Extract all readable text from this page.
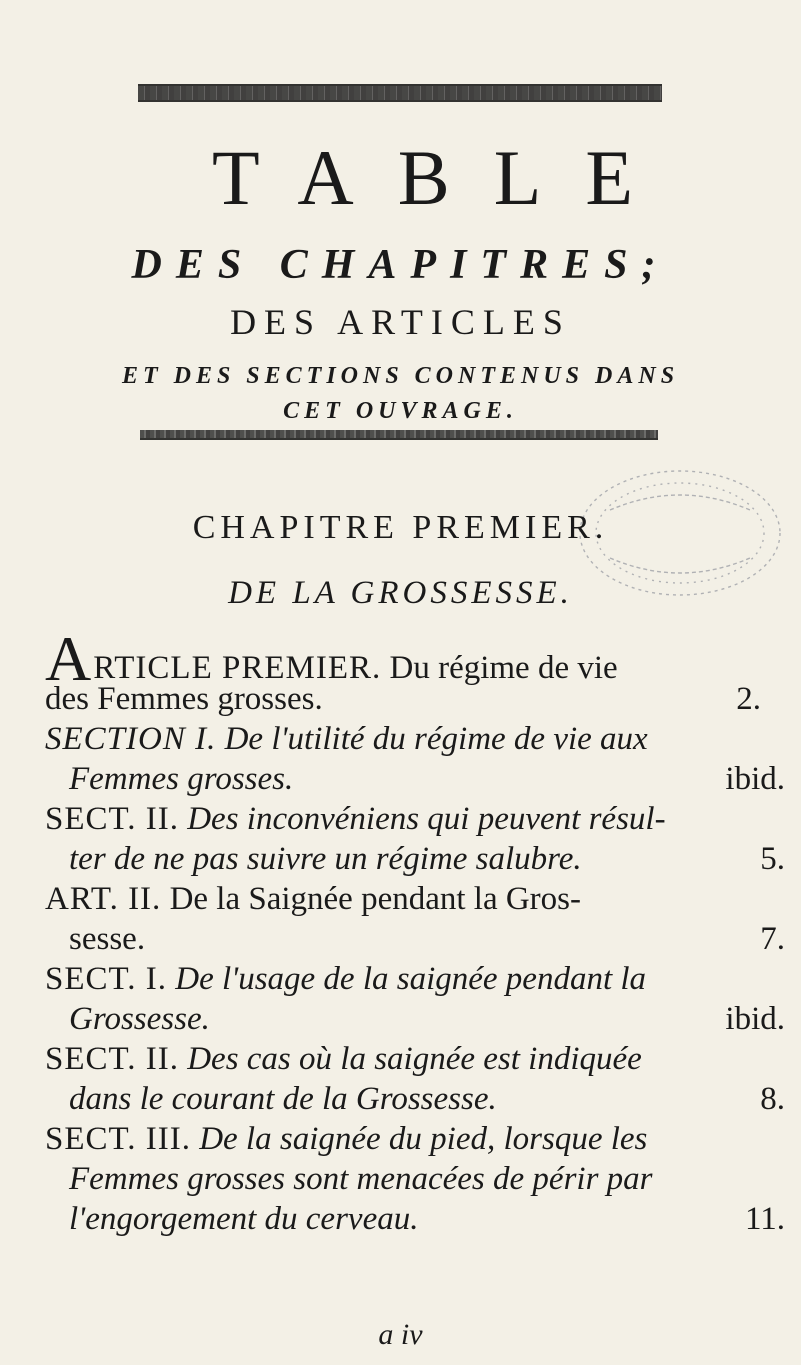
TABLE
DES CHAPITRES;
DES ARTICLES
ET DES SECTIONS CONTENUS DANS
CET OUVRAGE.
CHAPITRE PREMIER.
DE LA GROSSESSE.
ARTICLE PREMIER. Du régime de vie
des Femmes grosses.	2.
SECTION I. De l'utilité du régime de vie aux
Femmes grosses.	ibid.
SECT. II. Des inconvéniens qui peuvent résul-
ter de ne pas suivre un régime salubre.	5.
ART. II. De la Saignée pendant la Gros-
sesse.	7.
SECT. I. De l'usage de la saignée pendant la
Grossesse.	ibid.
SECT. II. Des cas où la saignée est indiquée
dans le courant de la Grossesse.	8.
SECT. III. De la saignée du pied, lorsque les
Femmes grosses sont menacées de périr par
l'engorgement du cerveau.	11.
a iv
